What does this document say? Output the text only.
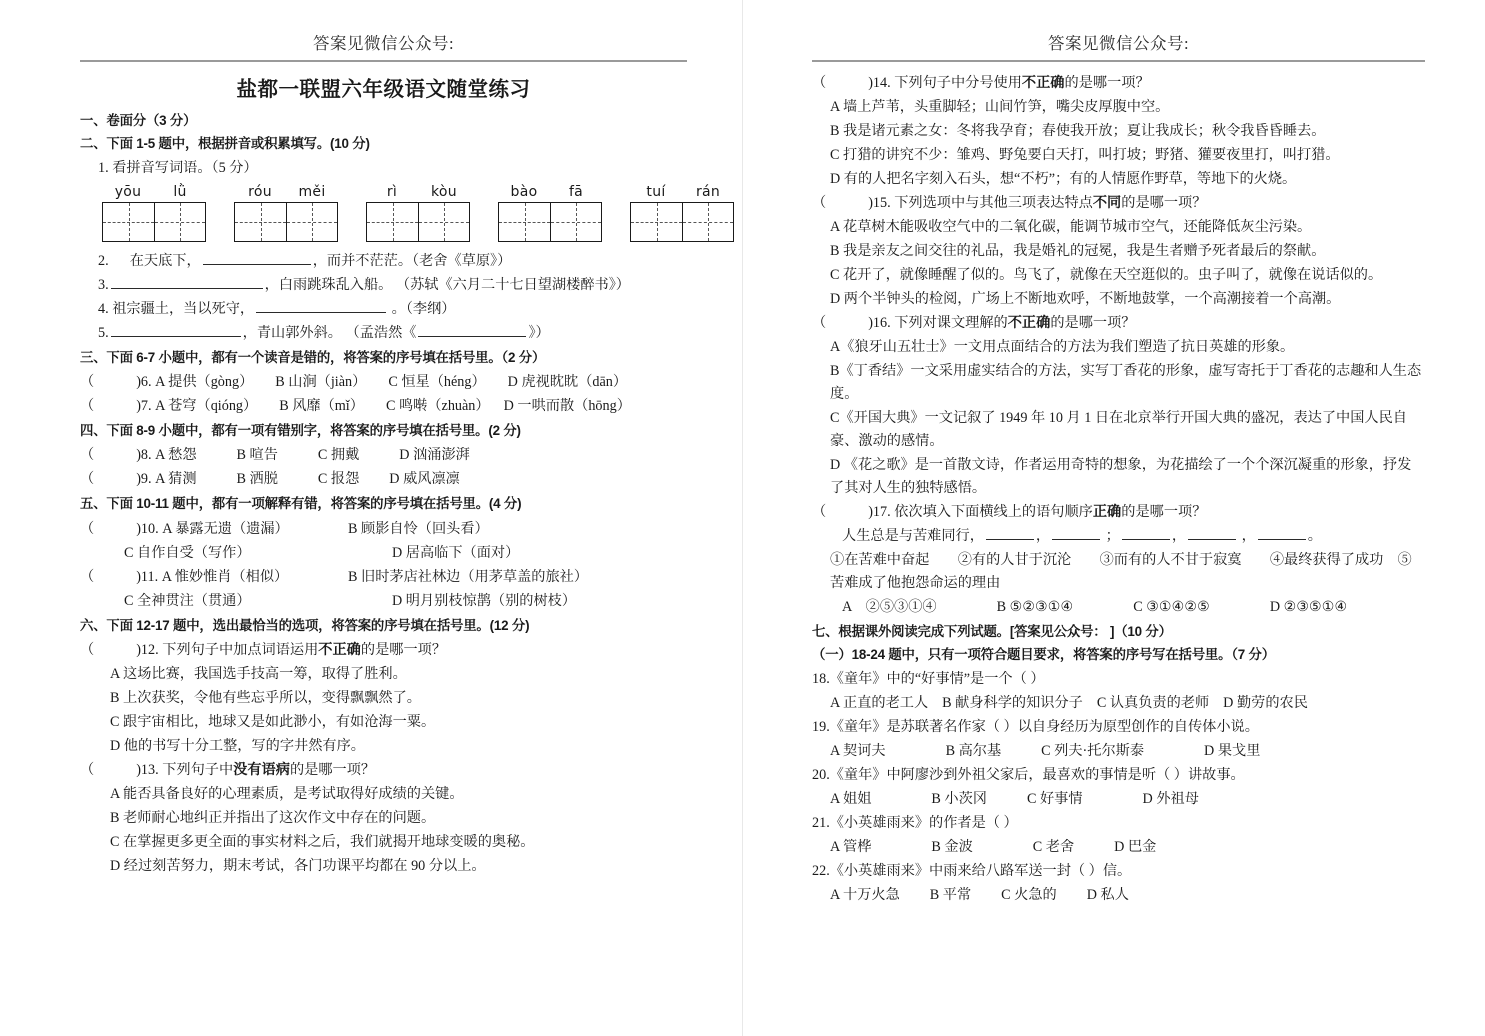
答案见微信公众号:
盐都一联盟六年级语文随堂练习
一、卷面分（3 分）
二、下面 1-5 题中，根据拼音或积累填写。(10 分)
1. 看拼音写词语。（5 分）
yōu	lǜ	róu	měi	rì	kòu	bào	fā	tuí	rán
2. 在天底下，	，而并不茫茫。（老舍《草原》）
3.	，白雨跳珠乱入船。 （苏轼《六月二十七日望湖楼醉书》）
4. 祖宗疆土，当以死守，	。（李纲）
5.	，青山郭外斜。 （孟浩然《	》）
三、下面 6-7 小题中，都有一个读音是错的，将答案的序号填在括号里。（2 分）
（	)6. A 提供（gòng） B 山涧（jiàn） C 恒星（héng） D 虎视眈眈（dān）
（	)7. A 苍穹（qióng） B 风靡（mǐ） C 鸣啭（zhuàn） D 一哄而散（hōng）
四、下面 8-9 小题中，都有一项有错别字，将答案的序号填在括号里。(2 分)
（	)8. A 愁怨	B 喧告	C 拥戴	D 汹涌澎湃
（	)9. A 猜测	B 洒脱	C 报怨 D 威风凛凛
五、下面 10-11 题中，都有一项解释有错，将答案的序号填在括号里。(4 分)
（	)10. A 暴露无遗（遗漏）	B 顾影自怜（回头看）
C 自作自受（写作）	D 居高临下（面对）
（	)11. A 惟妙惟肖（相似）	B 旧时茅店社林边（用茅草盖的旅社）
C 全神贯注（贯通）	D 明月别枝惊鹊（别的树枝）
六、下面 12-17 题中，选出最恰当的选项，将答案的序号填在括号里。(12 分)
（	)12. 下列句子中加点词语运用不正确的是哪一项？
A 这场比赛，我国选手技高一筹，取得了胜利。
B 上次获奖，令他有些忘乎所以，变得飘飘然了。
C 跟宇宙相比，地球又是如此渺小，有如沧海一粟。
D 他的书写十分工整，写的字井然有序。
（	)13. 下列句子中没有语病的是哪一项？
A 能否具备良好的心理素质，是考试取得好成绩的关键。
B 老师耐心地纠正并指出了这次作文中存在的问题。
C 在掌握更多更全面的事实材料之后，我们就揭开地球变暖的奥秘。
D 经过刻苦努力，期末考试，各门功课平均都在 90 分以上。
答案见微信公众号:
（	)14. 下列句子中分号使用不正确的是哪一项？
A 墙上芦苇，头重脚轻；山间竹笋，嘴尖皮厚腹中空。
B 我是诸元素之女：冬将我孕育；春使我开放；夏让我成长；秋令我昏昏睡去。
C 打猎的讲究不少：雏鸡、野兔要白天打，叫打坡；野猪、獾要夜里打，叫打猎。
D 有的人把名字刻入石头，想“不朽”；有的人情愿作野草，等地下的火烧。
（	)15. 下列选项中与其他三项表达特点不同的是哪一项？
A 花草树木能吸收空气中的二氧化碳，能调节城市空气，还能降低灰尘污染。
B 我是亲友之间交往的礼品，我是婚礼的冠冕，我是生者赠予死者最后的祭献。
C 花开了，就像睡醒了似的。鸟飞了，就像在天空逛似的。虫子叫了，就像在说话似的。
D 两个半钟头的检阅，广场上不断地欢呼，不断地鼓掌，一个高潮接着一个高潮。
（	)16. 下列对课文理解的不正确的是哪一项？
A《狼牙山五壮士》一文用点面结合的方法为我们塑造了抗日英雄的形象。
B《丁香结》一文采用虚实结合的方法，实写丁香花的形象，虚写寄托于丁香花的志趣和人生态度。
C《开国大典》一文记叙了 1949 年 10 月 1 日在北京举行开国大典的盛况，表达了中国人民自豪、激动的感情。
D 《花之歌》是一首散文诗，作者运用奇特的想象，为花描绘了一个个深沉凝重的形象，抒发了其对人生的独特感悟。
（	)17. 依次填入下面横线上的语句顺序正确的是哪一项？
人生总是与苦难同行，	，	；	，	，	。
①在苦难中奋起　　②有的人甘于沉沦　　③而有的人不甘于寂寞　　④最终获得了成功　⑤苦难成了他抱怨命运的理由
A　②⑤③①④	B ⑤②③①④	C ③①④②⑤	D ②③⑤①④
七、根据课外阅读完成下列试题。[答案见公众号： ]（10 分）
（一）18-24 题中，只有一项符合题目要求，将答案的序号写在括号里。（7 分）
18.《童年》中的“好事情”是一个（ ）
A 正直的老工人 B 献身科学的知识分子 C 认真负责的老师 D 勤劳的农民
19.《童年》是苏联著名作家（ ）以自身经历为原型创作的自传体小说。
A 契诃夫	B 高尔基	C 列夫·托尔斯泰	D 果戈里
20.《童年》中阿廖沙到外祖父家后，最喜欢的事情是听（ ）讲故事。
A 姐姐	B 小茨冈	C 好事情	D 外祖母
21.《小英雄雨来》的作者是（ ）
A 管桦	B 金波	C 老舍	D 巴金
22.《小英雄雨来》中雨来给八路军送一封（ ）信。
A 十万火急 B 平常 C 火急的 D 私人
